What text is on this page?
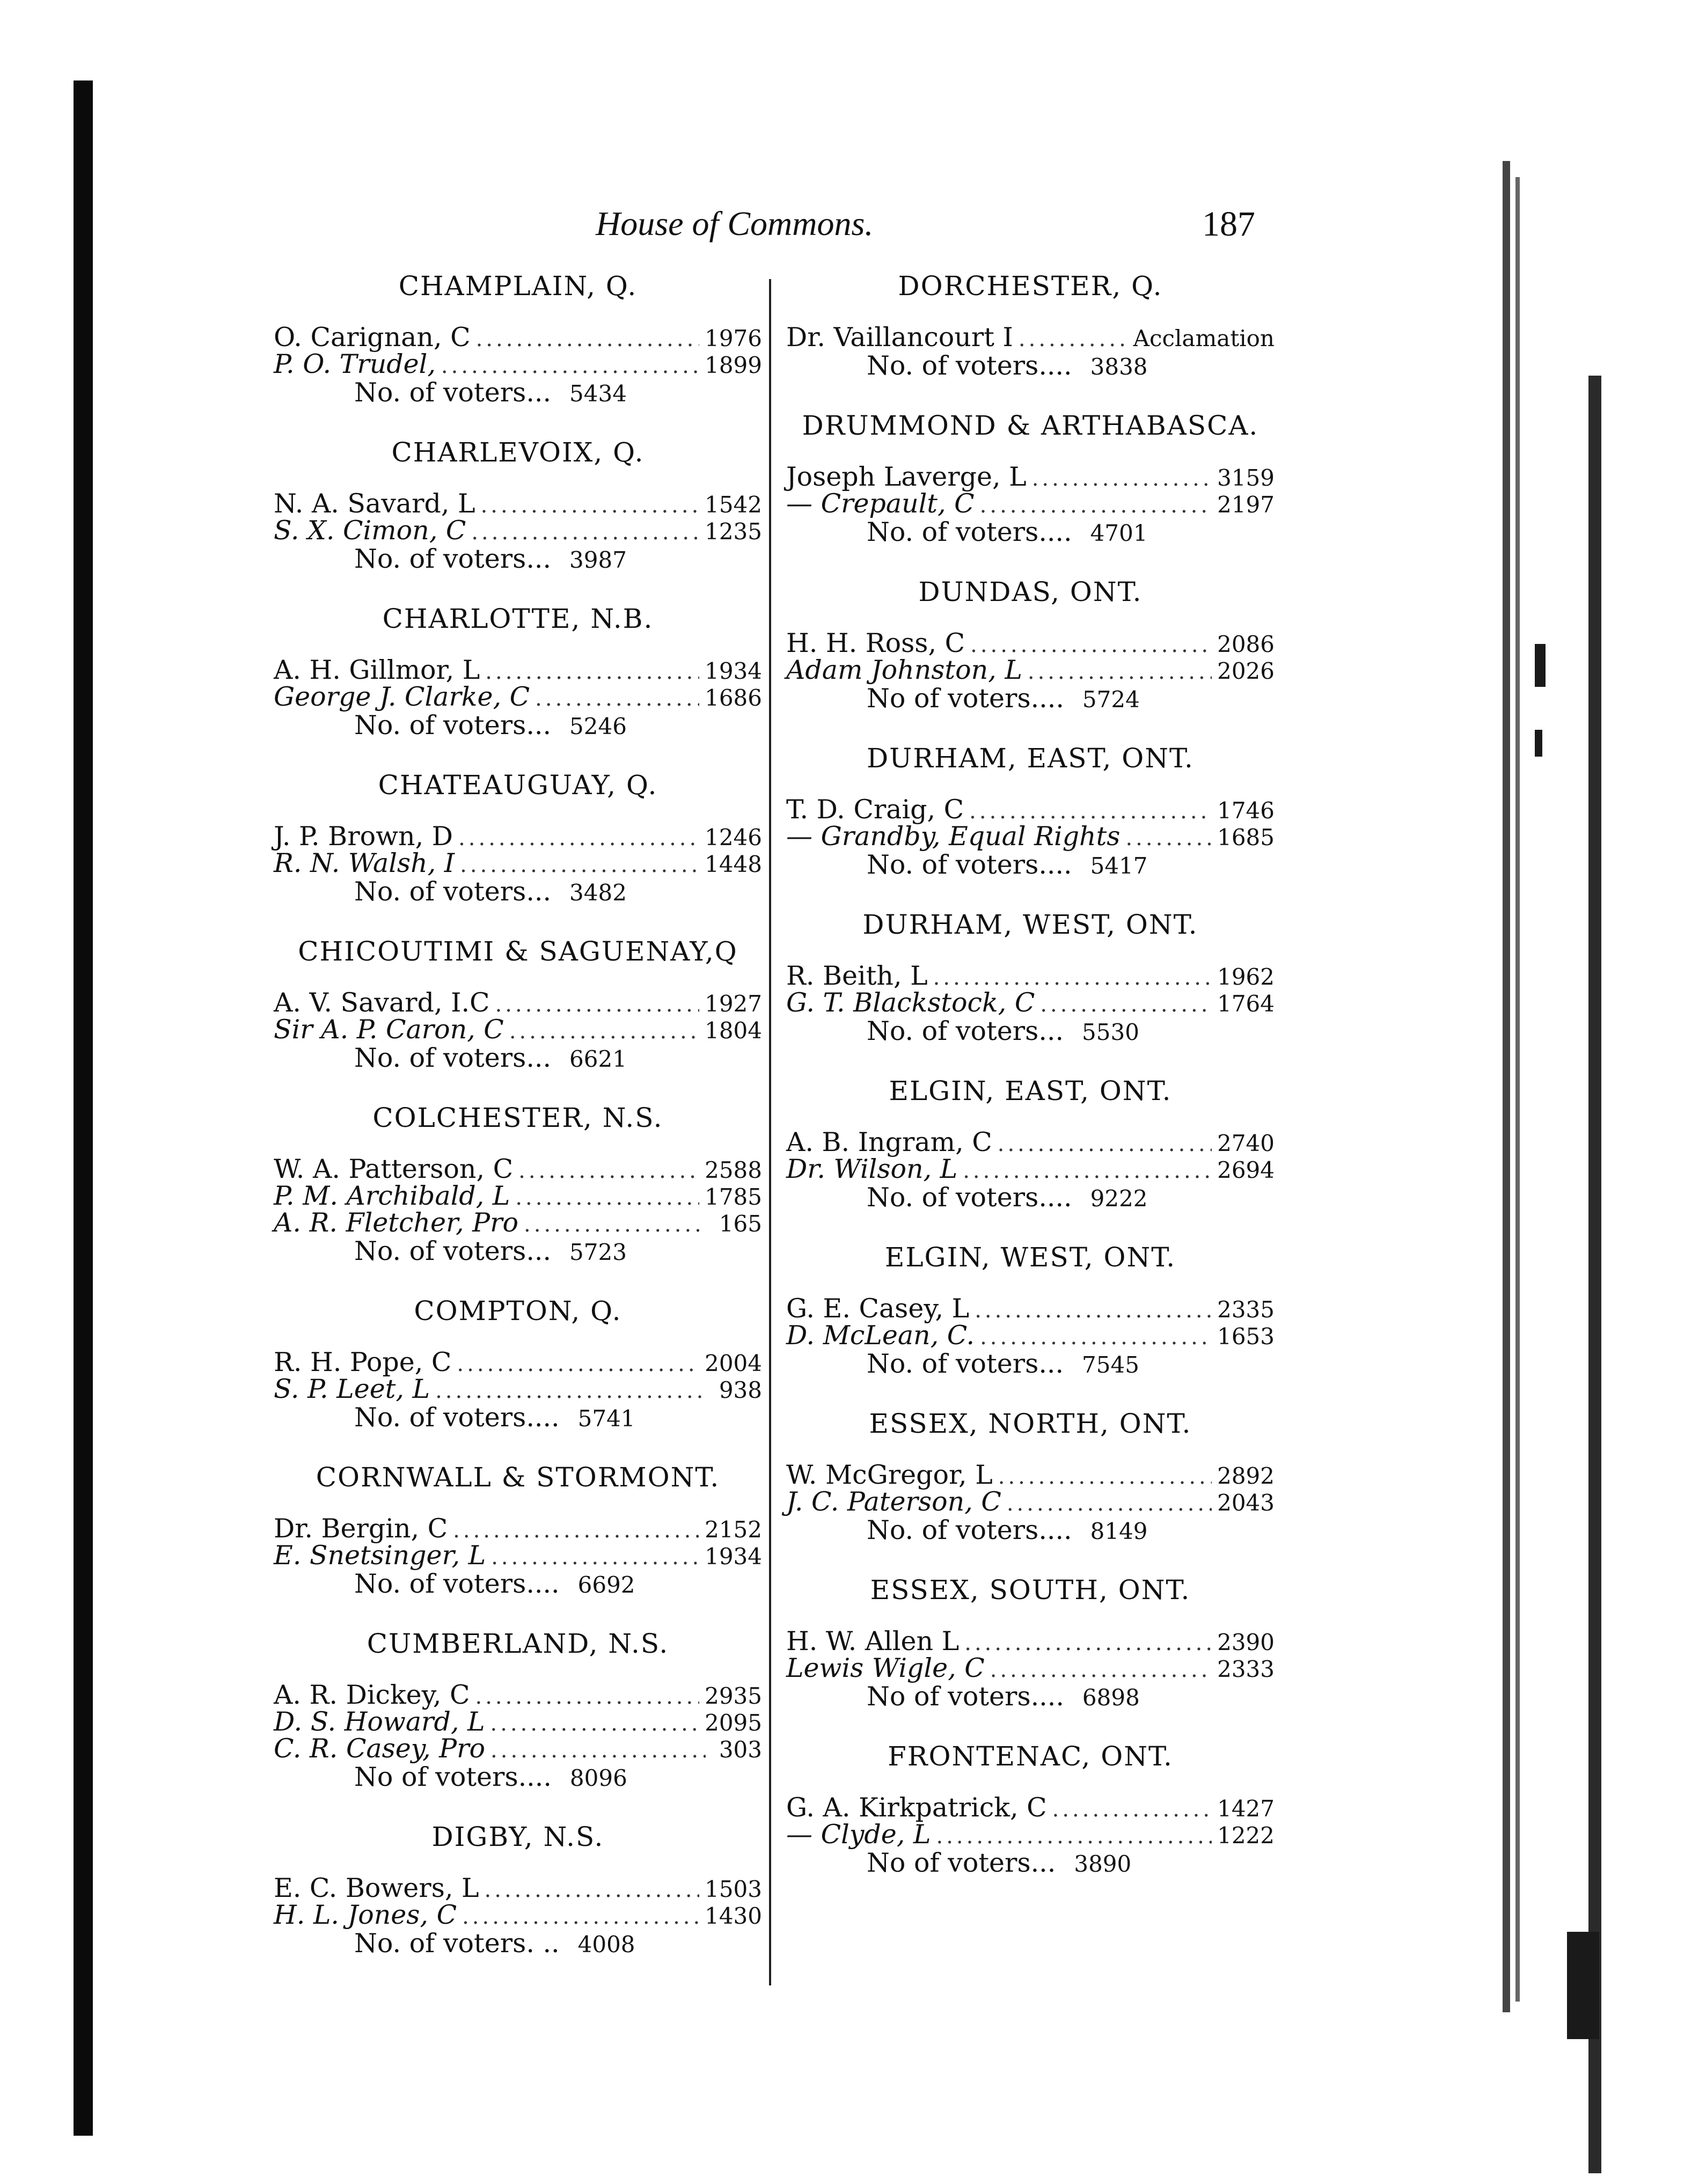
House of Commons.	187
CHAMPLAIN, Q.
O. Carignan, C .....	1976
P. O. Trudel, .....	1899
No. of voters... 5434
CHARLEVOIX, Q.
N. A. Savard, L .....	1542
S. X. Cimon, C .....	1235
No. of voters... 3987
CHARLOTTE, N.B.
A. H. Gillmor, L .....	1934
George J. Clarke, C .....	1686
No. of voters... 5246
CHATEAUGUAY, Q.
J. P. Brown, D .....	1246
R. N. Walsh, I .....	1448
No. of voters... 3482
CHICOUTIMI & SAGUENAY,Q
A. V. Savard, I.C .....	1927
Sir A. P. Caron, C .....	1804
No. of voters... 6621
COLCHESTER, N.S.
W. A. Patterson, C .....	2588
P. M. Archibald, L .....	1785
A. R. Fletcher, Pro .....	165
No. of voters... 5723
COMPTON, Q.
R. H. Pope, C .....	2004
S. P. Leet, L .....	938
No. of voters.... 5741
CORNWALL & STORMONT.
Dr. Bergin, C .....	2152
E. Snetsinger, L .....	1934
No. of voters.... 6692
CUMBERLAND, N.S.
A. R. Dickey, C .....	2935
D. S. Howard, L .....	2095
C. R. Casey, Pro .....	303
No of voters.... 8096
DIGBY, N.S.
E. C. Bowers, L .....	1503
H. L. Jones, C .....	1430
No. of voters. .. 4008
DORCHESTER, Q.
Dr. Vaillancourt I .....	Acclamation
No. of voters.... 3838
DRUMMOND & ARTHABASCA.
Joseph Laverge, L .....	3159
— Crepault, C .....	2197
No. of voters.... 4701
DUNDAS, ONT.
H. H. Ross, C .....	2086
Adam Johnston, L .....	2026
No of voters.... 5724
DURHAM, EAST, ONT.
T. D. Craig, C .....	1746
— Grandby, Equal Rights .....	1685
No. of voters.... 5417
DURHAM, WEST, ONT.
R. Beith, L .....	1962
G. T. Blackstock, C .....	1764
No. of voters... 5530
ELGIN, EAST, ONT.
A. B. Ingram, C .....	2740
Dr. Wilson, L .....	2694
No. of voters.... 9222
ELGIN, WEST, ONT.
G. E. Casey, L .....	2335
D. McLean, C. .....	1653
No. of voters... 7545
ESSEX, NORTH, ONT.
W. McGregor, L .....	2892
J. C. Paterson, C .....	2043
No. of voters.... 8149
ESSEX, SOUTH, ONT.
H. W. Allen L .....	2390
Lewis Wigle, C .....	2333
No of voters.... 6898
FRONTENAC, ONT.
G. A. Kirkpatrick, C .....	1427
— Clyde, L .....	1222
No of voters... 3890
